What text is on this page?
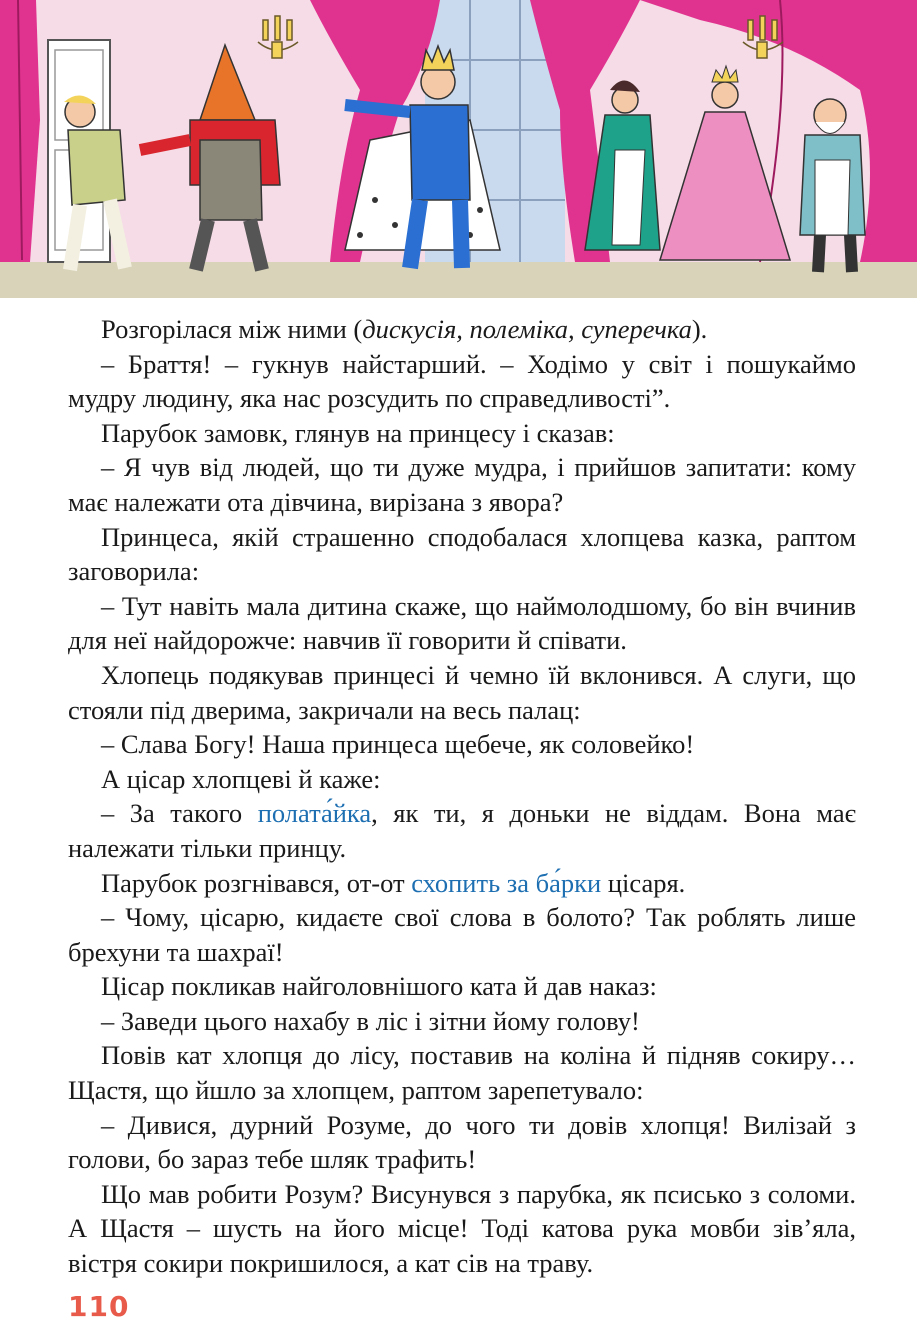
Розгорілася між ними (дискусія, полеміка, суперечка).

– Браття! – гукнув найстарший. – Ходімо у світ і пошукаймо мудру людину, яка нас розсудить по справедливості”.

Парубок замовк, глянув на принцесу і сказав:

– Я чув від людей, що ти дуже мудра, і прийшов запитати: кому має належати ота дівчина, вирізана з явора?

Принцеса, якій страшенно сподобалася хлопцева казка, раптом заговорила:

– Тут навіть мала дитина скаже, що наймолодшому, бо він вчинив для неї найдорожче: навчив її говорити й співати.

Хлопець подякував принцесі й чемно їй вклонився. А слуги, що стояли під дверима, закричали на весь палац:

– Слава Богу! Наша принцеса щебече, як соловейко!

А цісар хлопцеві й каже:

– За такого полата́йка, як ти, я доньки не віддам. Вона має належати тільки принцу.

Парубок розгнівався, от-от схопить за ба́рки цісаря.

– Чому, цісарю, кидаєте свої слова в болото? Так роблять лише брехуни та шахраї!

Цісар покликав найголовнішого ката й дав наказ:

– Заведи цього нахабу в ліс і зітни йому голову!

Повів кат хлопця до лісу, поставив на коліна й підняв сокиру… Щастя, що йшло за хлопцем, раптом зарепетувало:

– Дивися, дурний Розуме, до чого ти довів хлопця! Вилізай з голови, бо зараз тебе шляк трафить!

Що мав робити Розум? Висунувся з парубка, як псисько з соломи. А Щастя – шусть на його місце! Тоді катова рука мовби зів’яла, вістря сокири покришилося, а кат сів на траву.

110
